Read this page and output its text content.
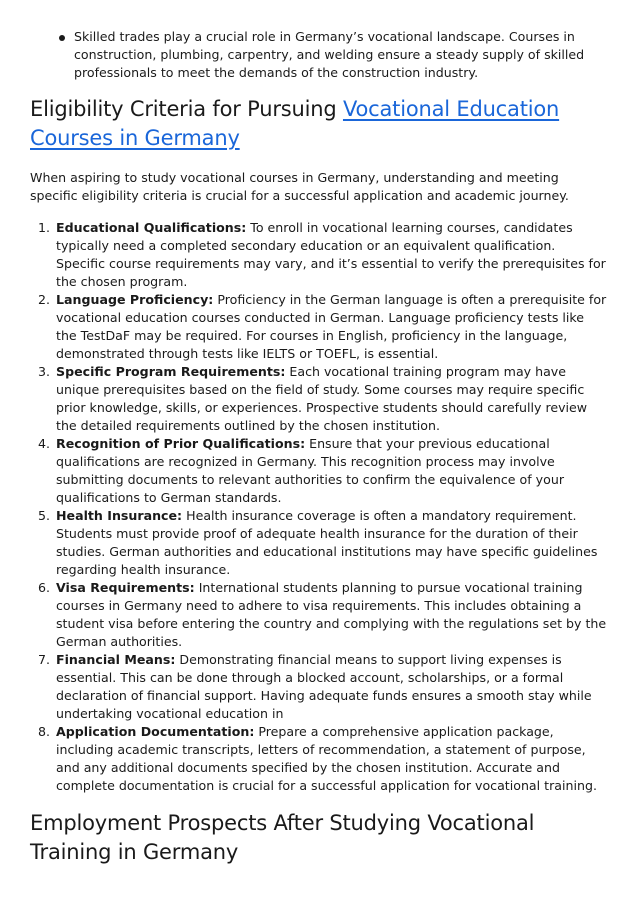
Skilled trades play a crucial role in Germany’s vocational landscape. Courses in construction, plumbing, carpentry, and welding ensure a steady supply of skilled professionals to meet the demands of the construction industry.
Eligibility Criteria for Pursuing Vocational Education Courses in Germany

When aspiring to study vocational courses in Germany, understanding and meeting specific eligibility criteria is crucial for a successful application and academic journey.

1. Educational Qualifications: To enroll in vocational learning courses, candidates typically need a completed secondary education or an equivalent qualification. Specific course requirements may vary, and it’s essential to verify the prerequisites for the chosen program.
2. Language Proficiency: Proficiency in the German language is often a prerequisite for vocational education courses conducted in German. Language proficiency tests like the TestDaF may be required. For courses in English, proficiency in the language, demonstrated through tests like IELTS or TOEFL, is essential.
3. Specific Program Requirements: Each vocational training program may have unique prerequisites based on the field of study. Some courses may require specific prior knowledge, skills, or experiences. Prospective students should carefully review the detailed requirements outlined by the chosen institution.
4. Recognition of Prior Qualifications: Ensure that your previous educational qualifications are recognized in Germany. This recognition process may involve submitting documents to relevant authorities to confirm the equivalence of your qualifications to German standards.
5. Health Insurance: Health insurance coverage is often a mandatory requirement. Students must provide proof of adequate health insurance for the duration of their studies. German authorities and educational institutions may have specific guidelines regarding health insurance.
6. Visa Requirements: International students planning to pursue vocational training courses in Germany need to adhere to visa requirements. This includes obtaining a student visa before entering the country and complying with the regulations set by the German authorities.
7. Financial Means: Demonstrating financial means to support living expenses is essential. This can be done through a blocked account, scholarships, or a formal declaration of financial support. Having adequate funds ensures a smooth stay while undertaking vocational education in
8. Application Documentation: Prepare a comprehensive application package, including academic transcripts, letters of recommendation, a statement of purpose, and any additional documents specified by the chosen institution. Accurate and complete documentation is crucial for a successful application for vocational training.
Employment Prospects After Studying Vocational Training in Germany
